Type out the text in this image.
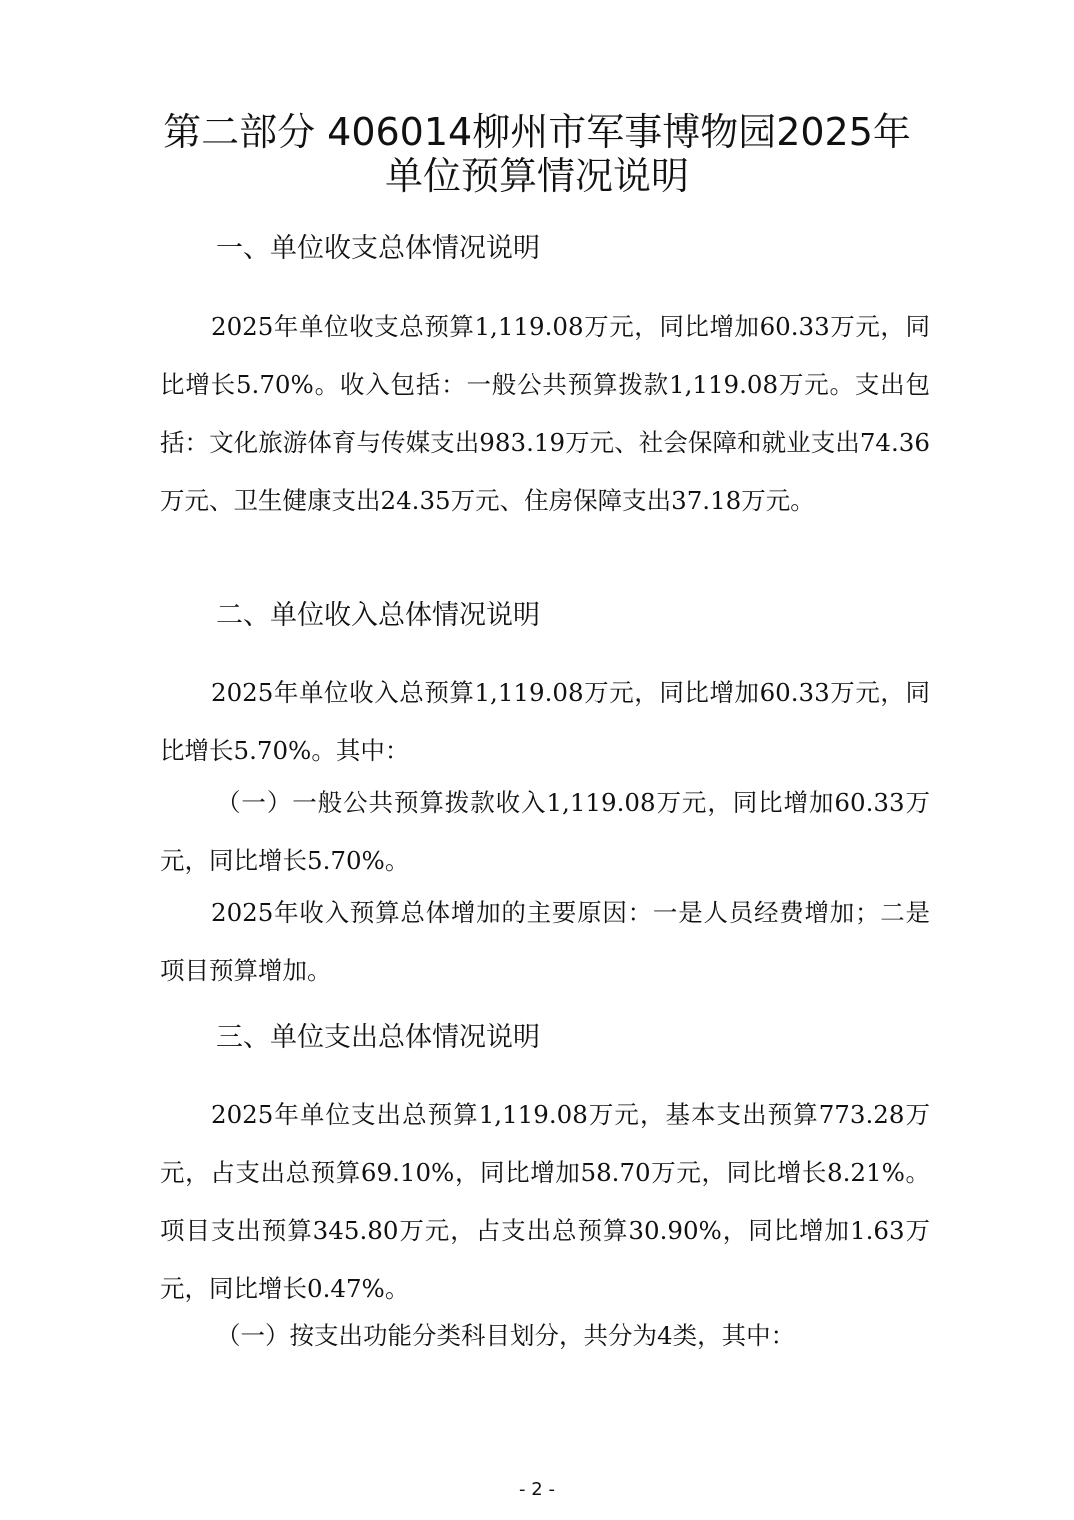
第二部分 406014柳州市军事博物园2025年
单位预算情况说明
一、单位收支总体情况说明

2025年单位收支总预算1,119.08万元，同比增加60.33万元，同比增长5.70%。收入包括：一般公共预算拨款1,119.08万元。支出包括：文化旅游体育与传媒支出983.19万元、社会保障和就业支出74.36万元、卫生健康支出24.35万元、住房保障支出37.18万元。

二、单位收入总体情况说明

2025年单位收入总预算1,119.08万元，同比增加60.33万元，同比增长5.70%。其中：

（一）一般公共预算拨款收入1,119.08万元，同比增加60.33万元，同比增长5.70%。

2025年收入预算总体增加的主要原因：一是人员经费增加；二是项目预算增加。

三、单位支出总体情况说明

2025年单位支出总预算1,119.08万元，基本支出预算773.28万元，占支出总预算69.10%，同比增加58.70万元，同比增长8.21%。项目支出预算345.80万元，占支出总预算30.90%，同比增加1.63万元，同比增长0.47%。

（一）按支出功能分类科目划分，共分为4类，其中：

- 2 -
